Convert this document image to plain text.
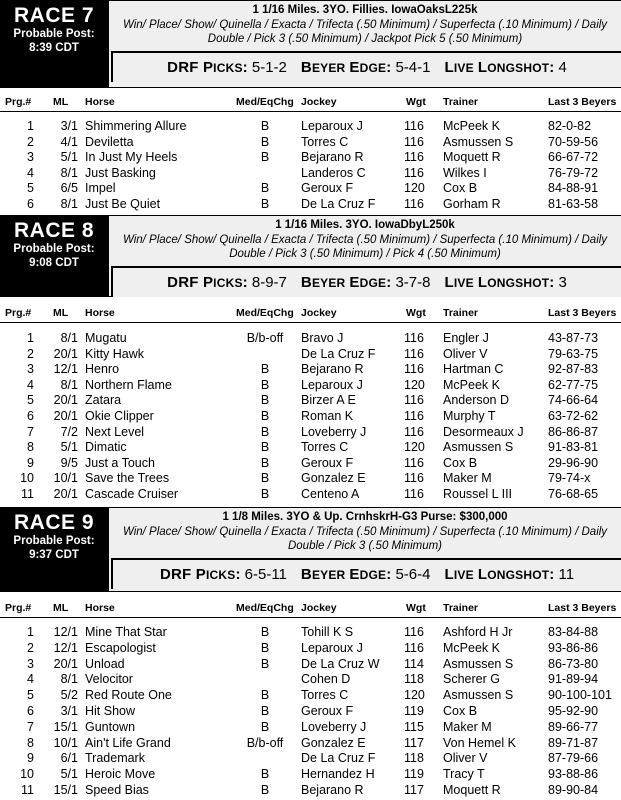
RACE 7
Probable Post:
8:39 CDT
1 1/16 Miles. 3YO. Fillies. IowaOaksL225k
Win/ Place/ Show/ Quinella / Exacta / Trifecta (.50 Minimum) / Superfecta (.10 Minimum) / Daily Double / Pick 3 (.50 Minimum) / Jackpot Pick 5 (.50 Minimum)
DRF PICKS : 5-1-2 BEYER EDGE : 5-4-1 LIVE LONGSHOT : 4
Prg.# ML Horse	Med/EqChg Jockey	Wgt Trainer	Last 3 Beyers
1	3/1 Shimmering Allure	B	Leparoux J	116 McPeek K	82-0-82
2	4/1 Deviletta	B	Torres C	116 Asmussen S	70-59-56
3	5/1 In Just My Heels	B	Bejarano R	116 Moquett R	66-67-72
4	8/1 Just Basking	Landeros C	116 Wilkes I	76-79-72
5	6/5 Impel	B	Geroux F	120 Cox B	84-88-91
6	8/1 Just Be Quiet	B	De La Cruz F 116 Gorham R	81-63-58
RACE 8
Probable Post:
9:08 CDT
1 1/16 Miles. 3YO. IowaDbyL250k
Win/ Place/ Show/ Quinella / Exacta / Trifecta (.50 Minimum) / Superfecta (.10 Minimum) / Daily Double / Pick 3 (.50 Minimum) / Pick 4 (.50 Minimum)
DRF PICKS : 8-9-7 BEYER EDGE : 3-7-8 LIVE LONGSHOT : 3
Prg.# ML Horse	Med/EqChg Jockey	Wgt Trainer	Last 3 Beyers
1	8/1 Mugatu	B/b-off	Bravo J	116 Engler J	43-87-73
2	20/1 Kitty Hawk	De La Cruz F 116 Oliver V	79-63-75
3	12/1 Henro	B	Bejarano R	116 Hartman C	92-87-83
4	8/1 Northern Flame	B	Leparoux J	120 McPeek K	62-77-75
5	20/1 Zatara	B	Birzer A E	116 Anderson D	74-66-64
6	20/1 Okie Clipper	B	Roman K	116 Murphy T	63-72-62
7	7/2 Next Level	B	Loveberry J	116 Desormeaux J 86-86-87
8	5/1 Dimatic	B	Torres C	120 Asmussen S	91-83-81
9	9/5 Just a Touch	B	Geroux F	116 Cox B	29-96-90
10	10/1 Save the Trees	B	Gonzalez E	116 Maker M	79-74-x
11	20/1 Cascade Cruiser	B	Centeno A	116 Roussel L III	76-68-65
RACE 9
Probable Post:
9:37 CDT
1 1/8 Miles. 3YO & Up. CrnhskrH-G3 Purse: $300,000
Win/ Place/ Show/ Quinella / Exacta / Trifecta (.50 Minimum) / Superfecta (.10 Minimum) / Daily Double / Pick 3 (.50 Minimum)
DRF PICKS : 6-5-11 BEYER EDGE : 5-6-4 LIVE LONGSHOT : 11
Prg.# ML Horse	Med/EqChg Jockey	Wgt Trainer	Last 3 Beyers
1	12/1 Mine That Star	B	Tohill K S	116 Ashford H Jr	83-84-88
2	12/1 Escapologist	B	Leparoux J	116 McPeek K	93-86-86
3	20/1 Unload	B	De La Cruz W 114 Asmussen S	86-73-80
4	8/1 Velocitor	Cohen D	118 Scherer G	91-89-94
5	5/2 Red Route One	B	Torres C	120 Asmussen S	90-100-101
6	3/1 Hit Show	B	Geroux F	119 Cox B	95-92-90
7	15/1 Guntown	B	Loveberry J	115 Maker M	89-66-77
8	10/1 Ain't Life Grand	B/b-off	Gonzalez E	117 Von Hemel K	89-71-87
9	6/1 Trademark	De La Cruz F 118 Oliver V	87-79-66
10	5/1 Heroic Move	B	Hernandez H 119 Tracy T	93-88-86
11	15/1 Speed Bias	B	Bejarano R	117 Moquett R	89-90-84
